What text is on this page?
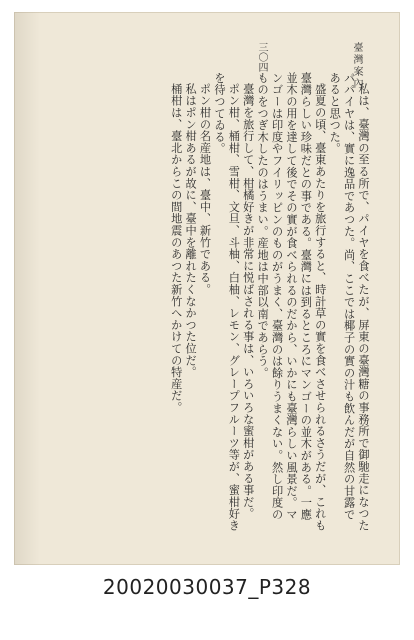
臺灣案內
三〇四

私は、臺灣の至る所で、パイヤを食べたが、屏東の臺灣糖の事務所で御馳走になつたパパイヤは、實に逸品であつた。尚、ここでは椰子の實の汁も飲んだが自然の甘露であると思つた。

盛夏の頃、臺東あたりを旅行すると、時計草の實を食べさせられるさうだが、これも臺灣らしい珍味だとの事である。臺灣には到るところにマンゴーの並木がある。一應並木の用を達して後でその實が食べられるのだから、いかにも臺灣らしい風景だ。マンゴーは印度やフイリッピンのものがうまく、臺灣のは餘りうまくない。然し印度のものをつぎ木したのはうまい。産地は中部以南であらう。

臺灣を旅行して、柑橘好きが非常に悦ばされる事は、いろいろな蜜柑がある事だ。

ポン柑、桶柑、雪柑、文旦、斗柚、白柚、レモン、グレープフルーツ等が、蜜柑好きを待つてゐる。

ポン柑の名産地は、臺中、新竹である。

私はポン柑あるが故に、臺中を離れたくなかつた位だ。

桶柑は、臺北からこの間地震のあつた新竹へかけての特産だ。

20020030037_P328
